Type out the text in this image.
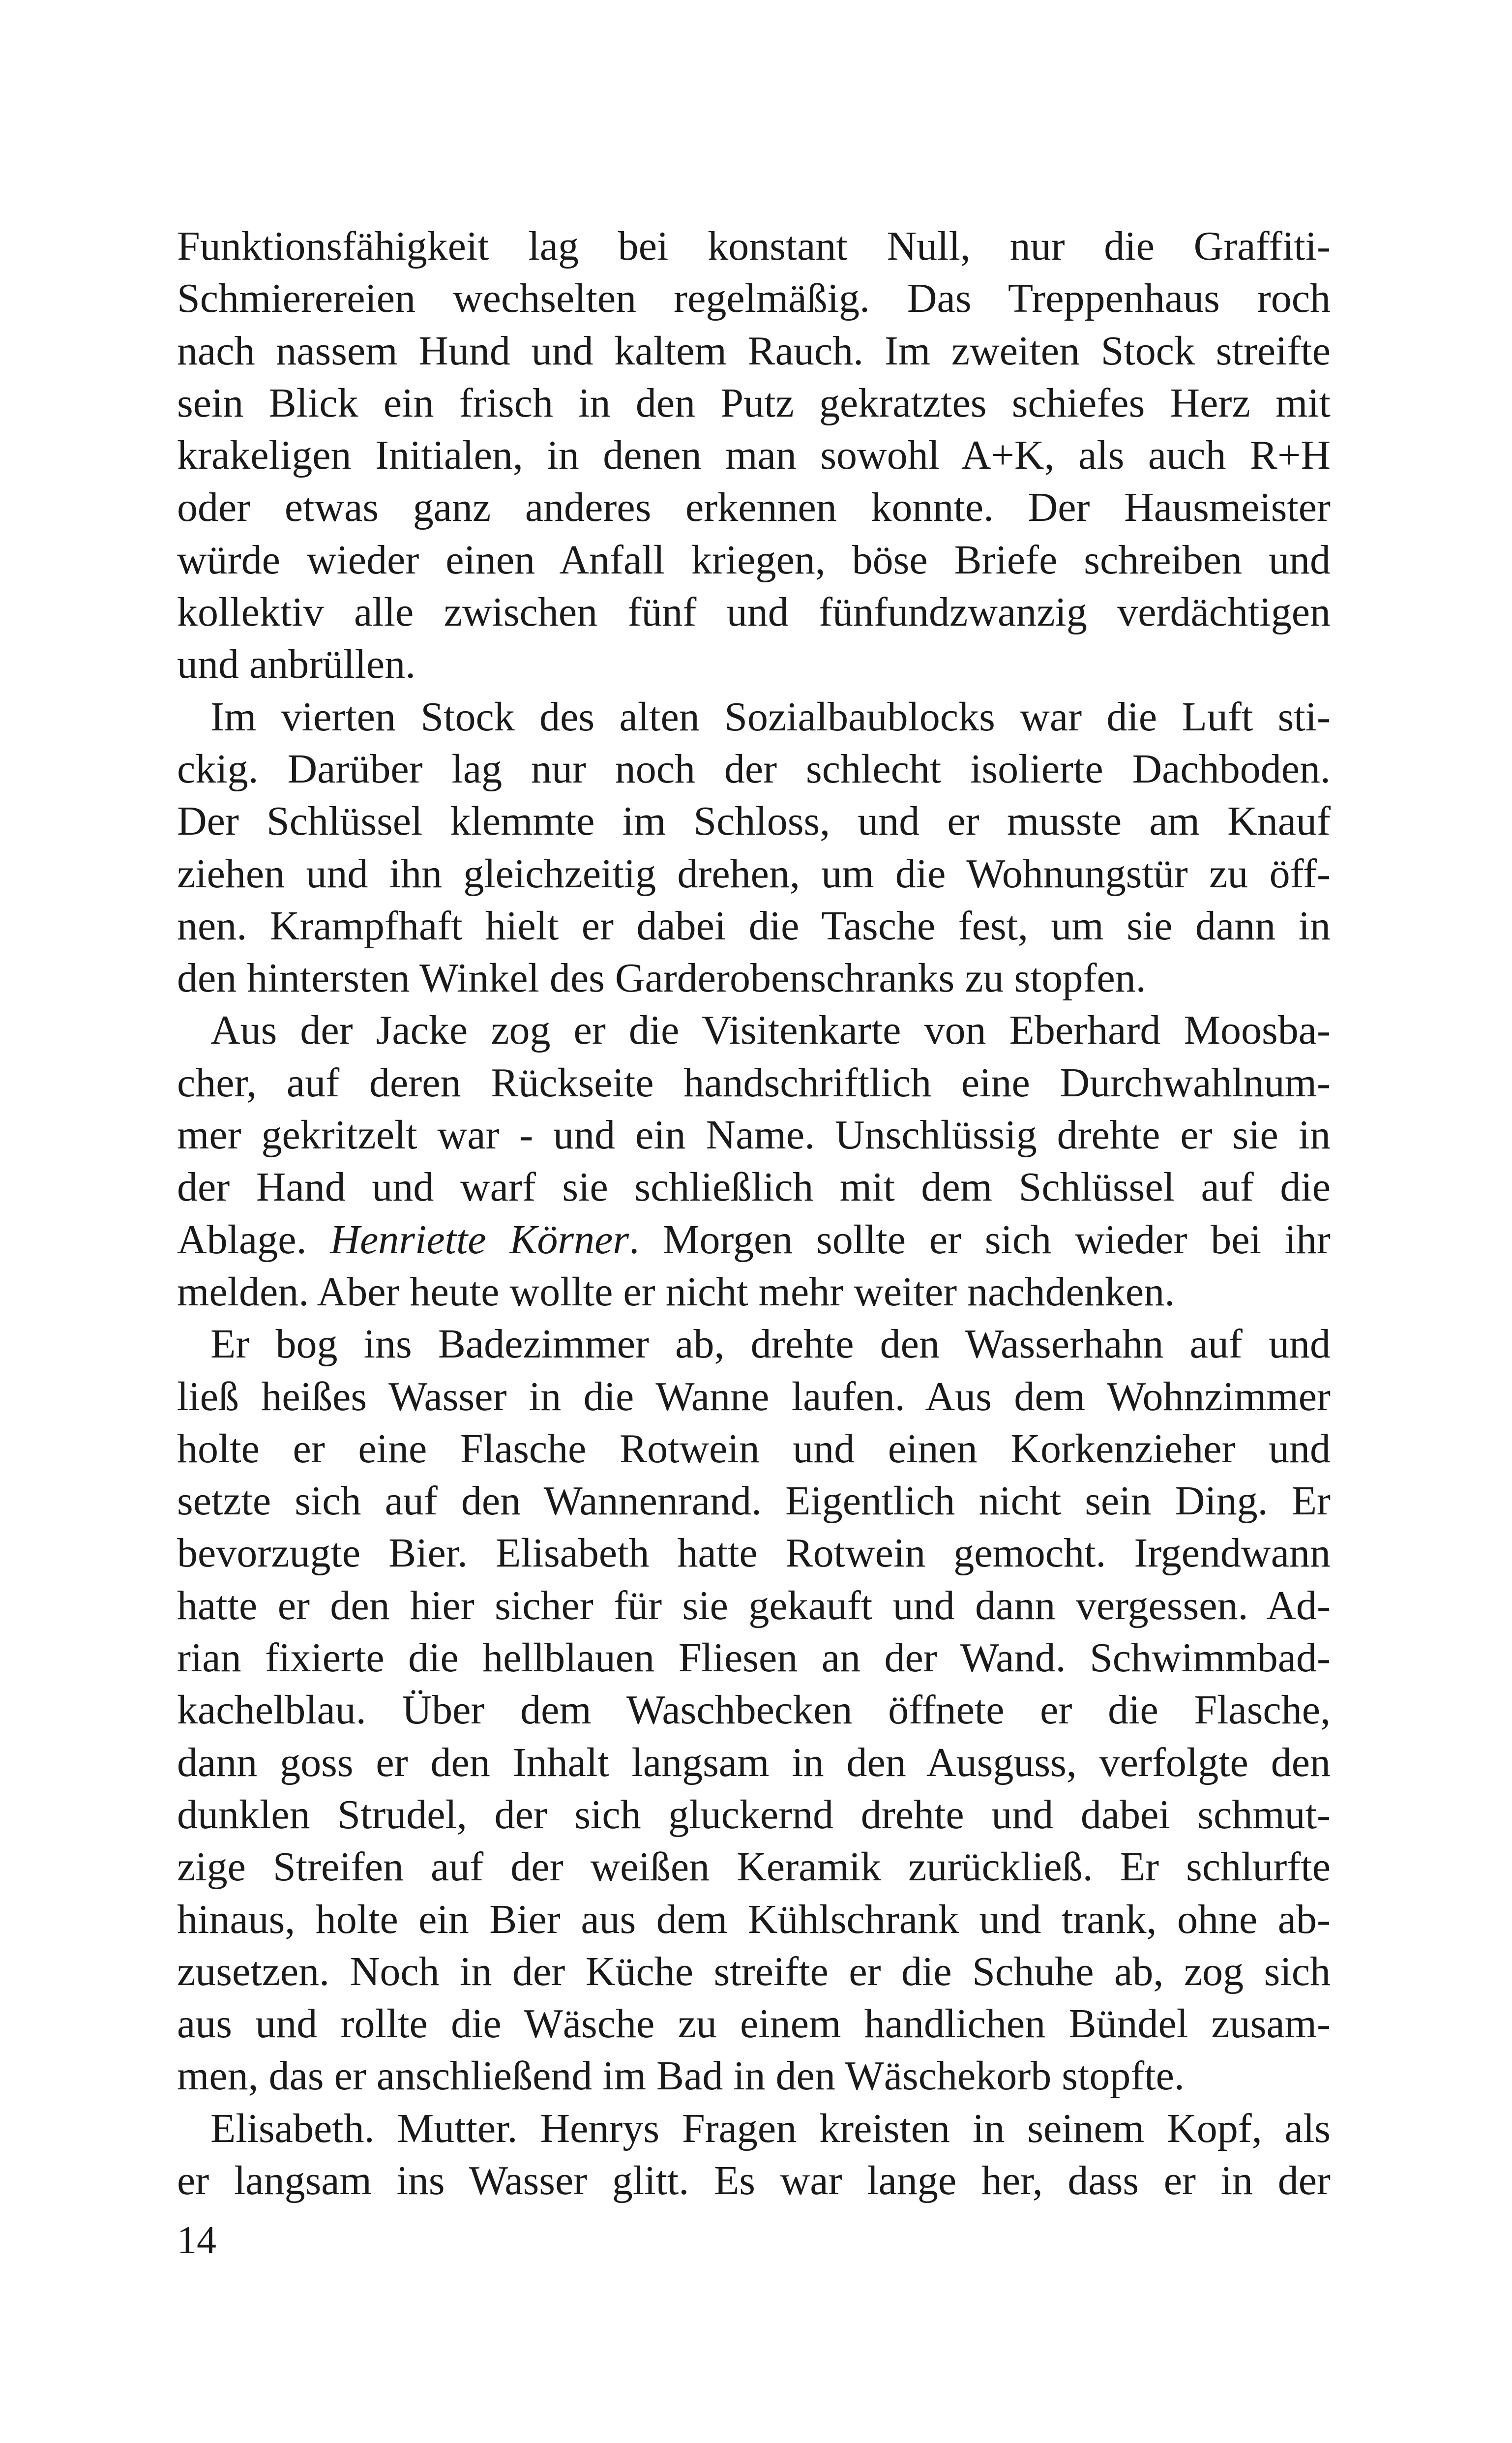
Funktionsfähigkeit lag bei konstant Null, nur die Graffiti-
Schmierereien wechselten regelmäßig. Das Treppenhaus roch
nach nassem Hund und kaltem Rauch. Im zweiten Stock streifte
sein Blick ein frisch in den Putz gekratztes schiefes Herz mit
krakeligen Initialen, in denen man sowohl A+K, als auch R+H
oder etwas ganz anderes erkennen konnte. Der Hausmeister
würde wieder einen Anfall kriegen, böse Briefe schreiben und
kollektiv alle zwischen fünf und fünfundzwanzig verdächtigen
und anbrüllen.
Im vierten Stock des alten Sozialbaublocks war die Luft sti-
ckig. Darüber lag nur noch der schlecht isolierte Dachboden.
Der Schlüssel klemmte im Schloss, und er musste am Knauf
ziehen und ihn gleichzeitig drehen, um die Wohnungstür zu öff-
nen. Krampfhaft hielt er dabei die Tasche fest, um sie dann in
den hintersten Winkel des Garderobenschranks zu stopfen.
Aus der Jacke zog er die Visitenkarte von Eberhard Moosba-
cher, auf deren Rückseite handschriftlich eine Durchwahlnum-
mer gekritzelt war - und ein Name. Unschlüssig drehte er sie in
der Hand und warf sie schließlich mit dem Schlüssel auf die
Ablage. Henriette Körner. Morgen sollte er sich wieder bei ihr
melden. Aber heute wollte er nicht mehr weiter nachdenken.
Er bog ins Badezimmer ab, drehte den Wasserhahn auf und
ließ heißes Wasser in die Wanne laufen. Aus dem Wohnzimmer
holte er eine Flasche Rotwein und einen Korkenzieher und
setzte sich auf den Wannenrand. Eigentlich nicht sein Ding. Er
bevorzugte Bier. Elisabeth hatte Rotwein gemocht. Irgendwann
hatte er den hier sicher für sie gekauft und dann vergessen. Ad-
rian fixierte die hellblauen Fliesen an der Wand. Schwimmbad-
kachelblau. Über dem Waschbecken öffnete er die Flasche,
dann goss er den Inhalt langsam in den Ausguss, verfolgte den
dunklen Strudel, der sich gluckernd drehte und dabei schmut-
zige Streifen auf der weißen Keramik zurückließ. Er schlurfte
hinaus, holte ein Bier aus dem Kühlschrank und trank, ohne ab-
zusetzen. Noch in der Küche streifte er die Schuhe ab, zog sich
aus und rollte die Wäsche zu einem handlichen Bündel zusam-
men, das er anschließend im Bad in den Wäschekorb stopfte.
Elisabeth. Mutter. Henrys Fragen kreisten in seinem Kopf, als
er langsam ins Wasser glitt. Es war lange her, dass er in der
14
